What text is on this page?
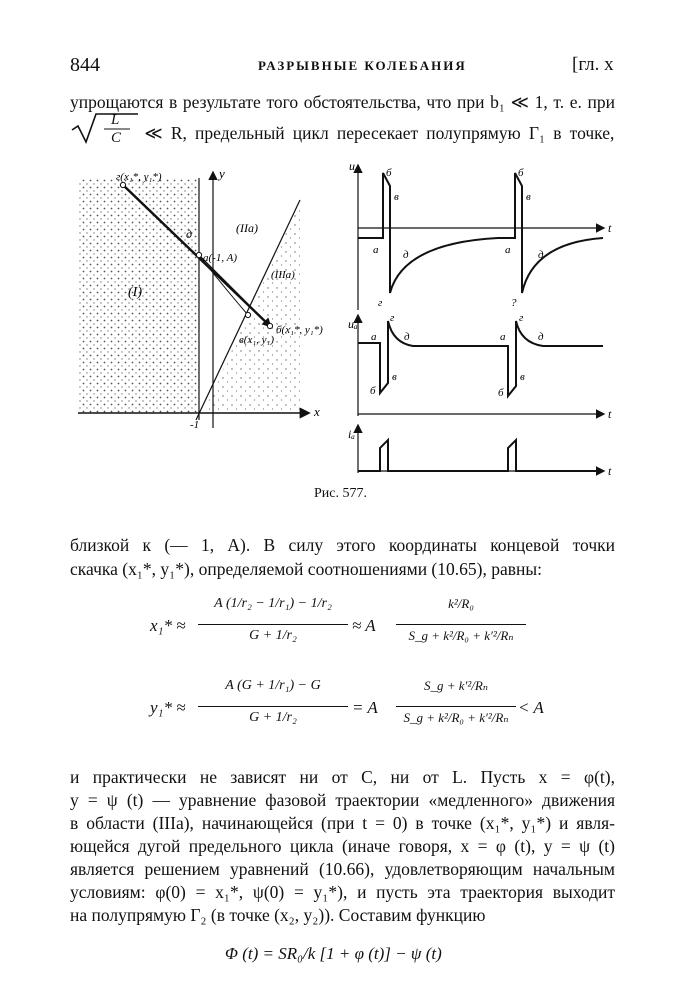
844	РАЗРЫВНЫЕ КОЛЕБАНИЯ	[гл. x
упрощаются в результате того обстоятельства, что при b₁ ≪ 1, т. е. при
L
C ≪ R, предельный цикл пересекает полупрямую Γ₁ в точке,
x
y
(I)
(IIa)
(IIIa)
г(x₁*, y₁*)
a(-1, A)
б(x₁*, y₁*)
в(x₁, y₁)
д
-1
u
t
a
б
в
г
д	a
б
в
?
д
uₐ
t
a
б
в
г
д	a
б
в
г
д
iₐ
t
Рис. 577.
близкой к (— 1, A). В силу этого координаты концевой точки
скачка (x₁*, y₁*), определяемой соотношениями (10.65), равны:
x₁* ≈
A (1/r₂ − 1/r₁) − 1/r₂
G + 1/r₂
≈ A
k²/R₀
S_g + k²/R₀ + k′²/Rₙ
y₁* ≈
A (G + 1/r₁) − G
G + 1/r₂
= A
S_g + k′²/Rₙ
S_g + k²/R₀ + k′²/Rₙ
< A
и практически не зависят ни от C, ни от L. Пусть x = φ(t),
y = ψ (t) — уравнение фазовой траектории «медленного» движения
в области (IIIa), начинающейся (при t = 0) в точке (x₁*, y₁*) и явля-
ющейся дугой предельного цикла (иначе говоря, x = φ (t), y = ψ (t)
является решением уравнений (10.66), удовлетворяющим начальным
условиям: φ(0) = x₁*, ψ(0) = y₁*), и пусть эта траектория выходит
на полупрямую Γ₂ (в точке (x₂, y₂)). Составим функцию
Φ (t) = SR₀/k [1 + φ (t)] − ψ (t)
